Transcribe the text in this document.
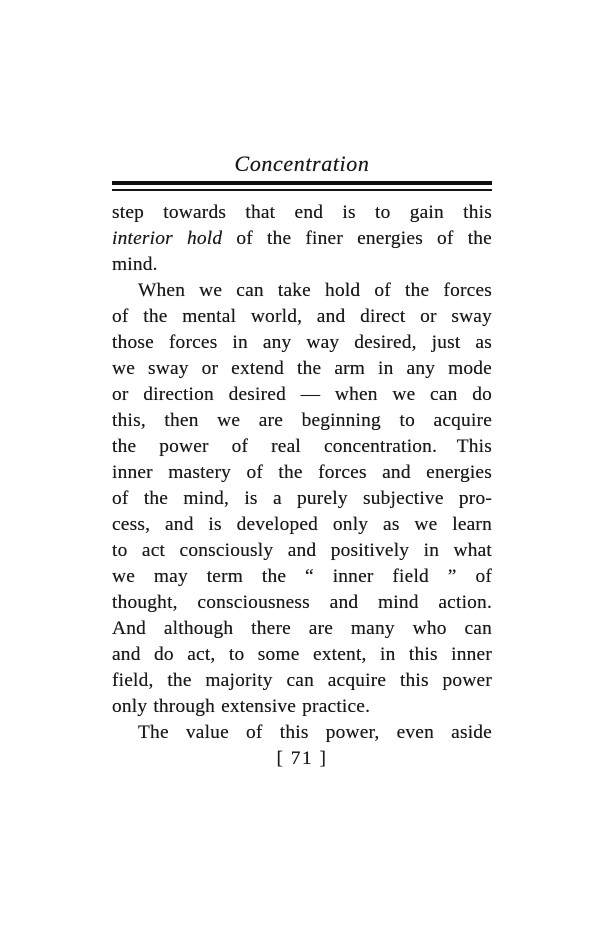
Concentration
step towards that end is to gain this
interior hold of the finer energies of the
mind.
When we can take hold of the forces
of the mental world, and direct or sway
those forces in any way desired, just as
we sway or extend the arm in any mode
or direction desired — when we can do
this, then we are beginning to acquire
the power of real concentration. This
inner mastery of the forces and energies
of the mind, is a purely subjective pro-
cess, and is developed only as we learn
to act consciously and positively in what
we may term the “ inner field ” of
thought, consciousness and mind action.
And although there are many who can
and do act, to some extent, in this inner
field, the majority can acquire this power
only through extensive practice.
The value of this power, even aside
[ 71 ]
